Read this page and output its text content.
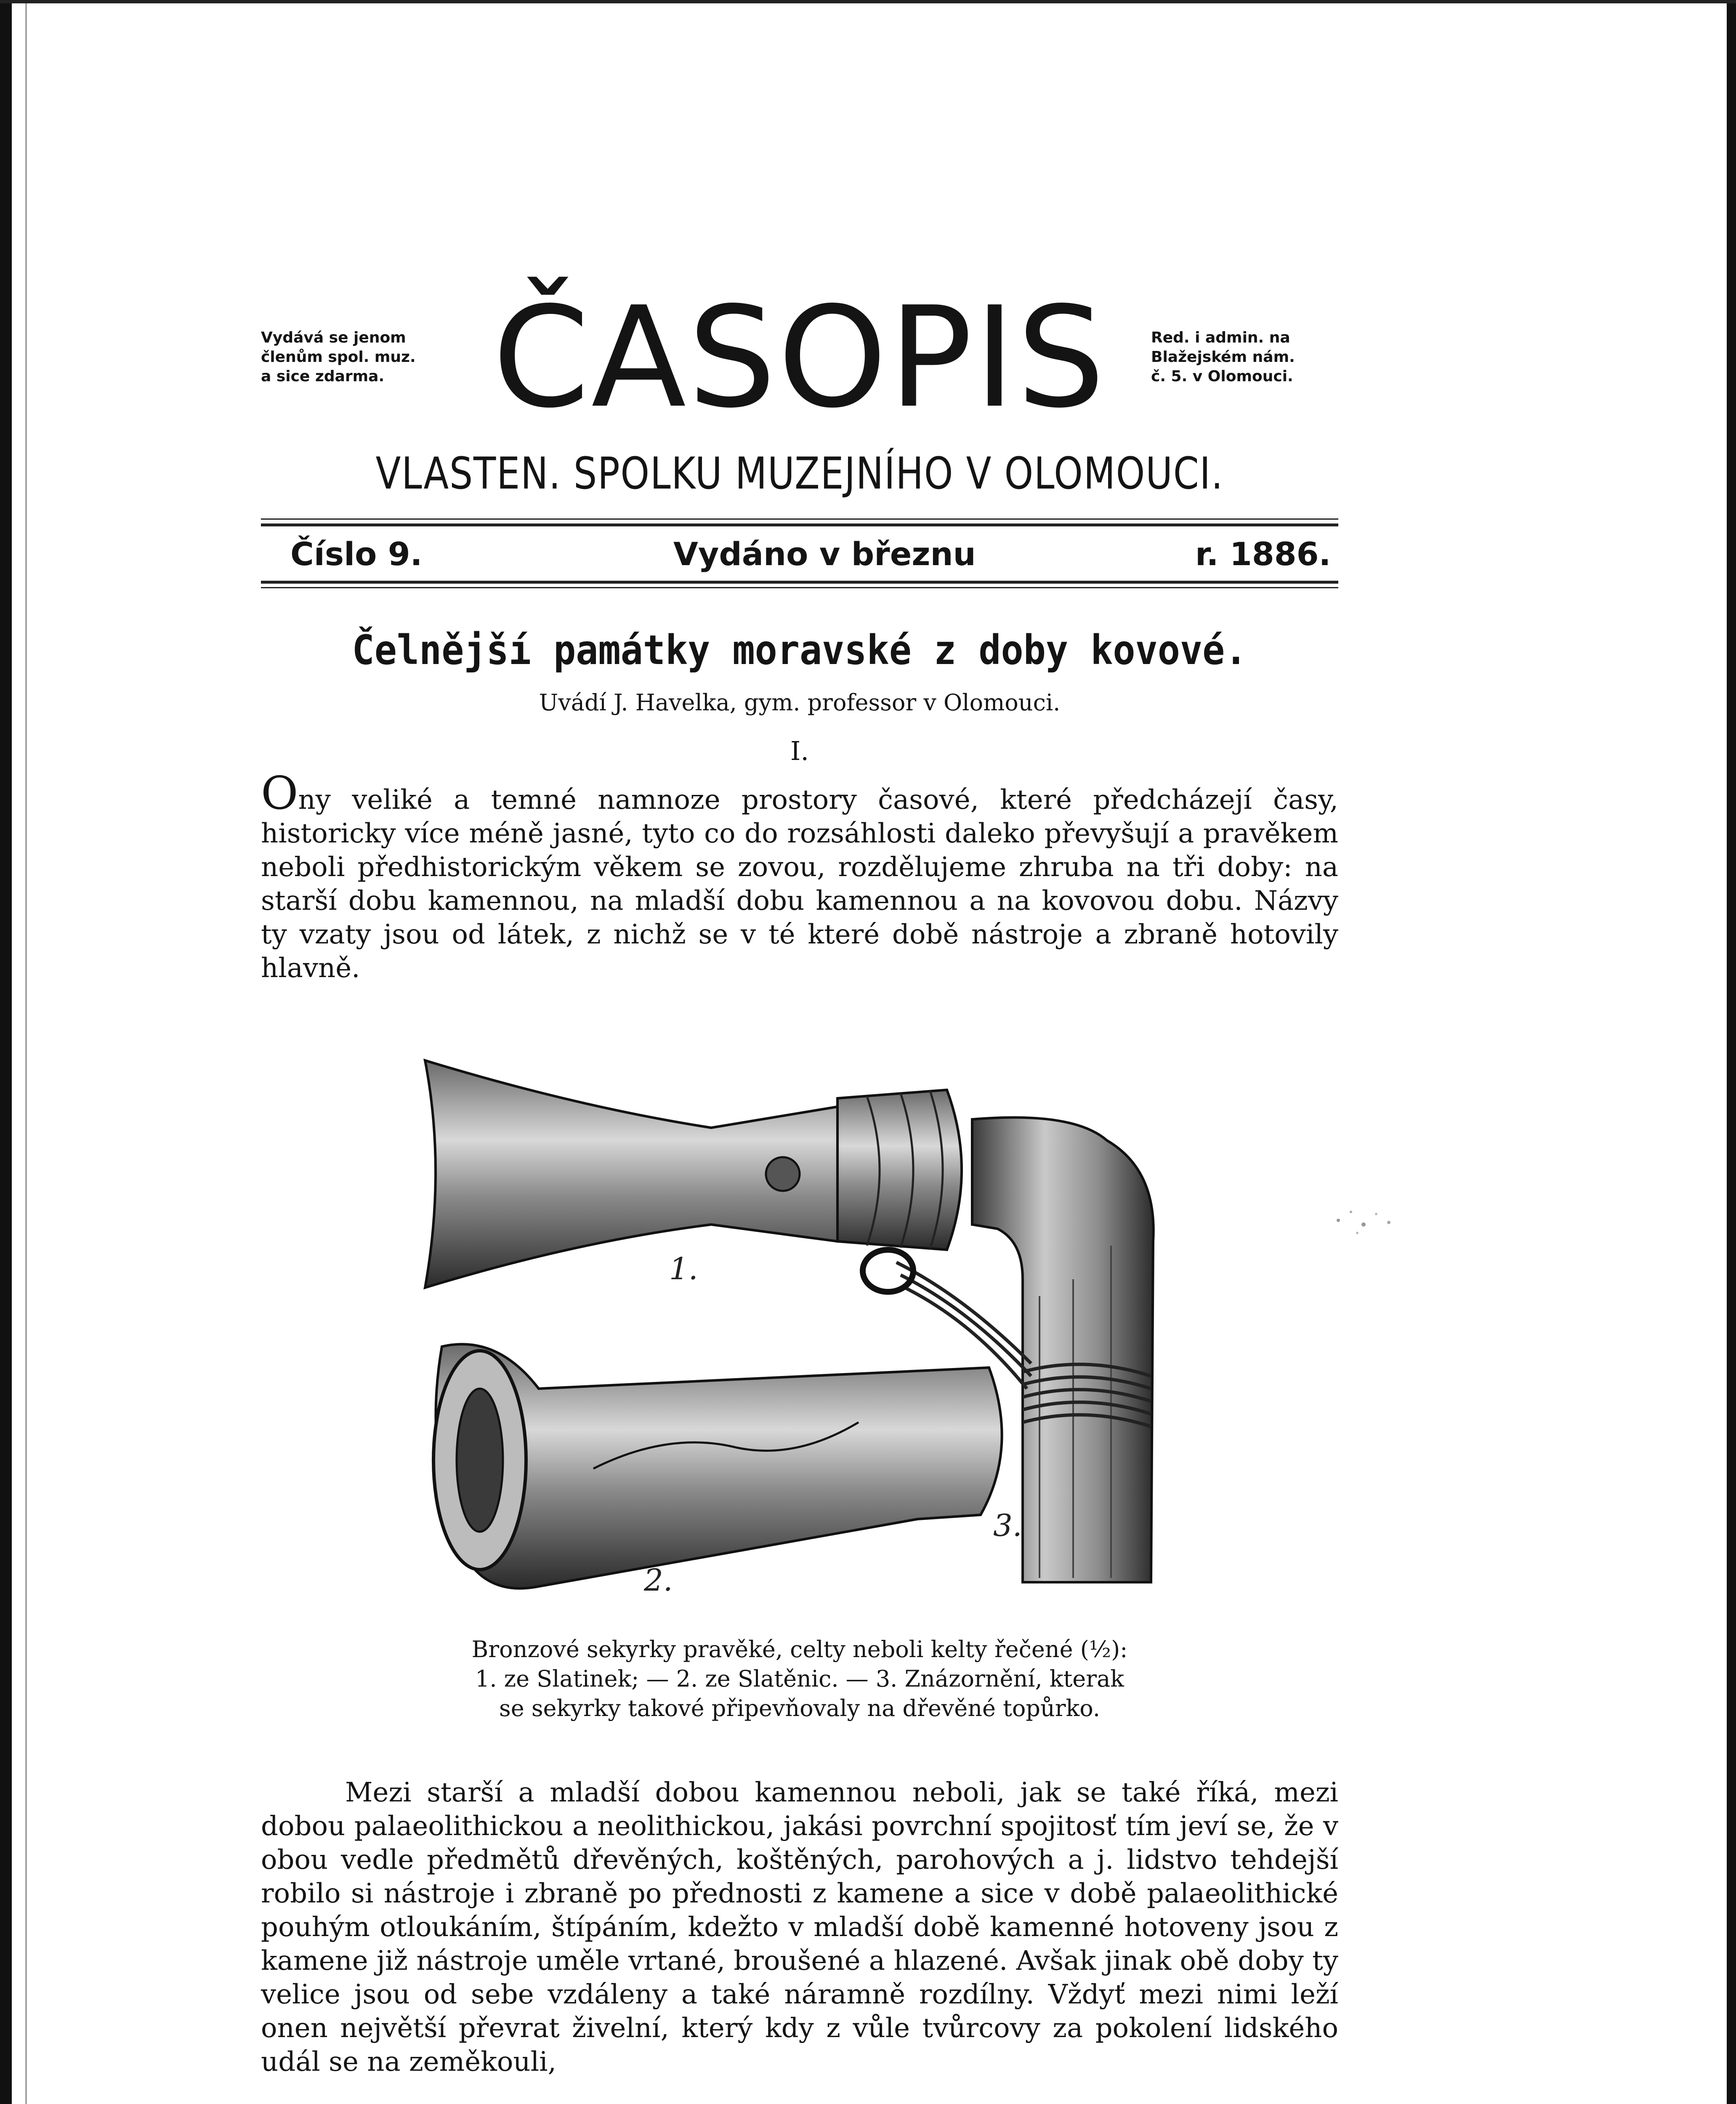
Vydává se jenom
členům spol. muz.
a sice zdarma. ČASOPIS	Red. i admin. na
Blažejském nám.
č. 5. v Olomouci.
VLASTEN. SPOLKU MUZEJNÍHO V OLOMOUCI.
Číslo 9.	Vydáno v březnu	r. 1886.
Čelnější památky moravské z doby kovové.
Uvádí J. Havelka, gym. professor v Olomouci.
I.
Ony veliké a temné namnoze prostory časové, které předcházejí časy, historicky více méně jasné, tyto co do rozsáhlosti daleko převyšují a pravěkem neboli předhistorickým věkem se zovou, rozdělujeme zhruba na tři doby: na starší dobu kamennou, na mladší dobu kamennou a na kovovou dobu. Názvy ty vzaty jsou od látek, z nichž se v té které době nástroje a zbraně hotovily hlavně.
1.
2.
3.
Bronzové sekyrky pravěké, celty neboli kelty řečené (½):
1. ze Slatinek; — 2. ze Slatěnic. — 3. Znázornění, kterak
se sekyrky takové připevňovaly na dřevěné topůrko.
Mezi starší a mladší dobou kamennou neboli, jak se také říká, mezi dobou palaeolithickou a neolithickou, jakási povrchní spojitosť tím jeví se, že v obou vedle předmětů dřevěných, koštěných, parohových a j. lidstvo tehdejší robilo si nástroje i zbraně po přednosti z kamene a sice v době palaeolithické pouhým otloukáním, štípáním, kdežto v mladší době kamenné hotoveny jsou z kamene již nástroje uměle vrtané, broušené a hlazené. Avšak jinak obě doby ty velice jsou od sebe vzdáleny a také náramně rozdílny. Vždyť mezi nimi leží onen největší převrat živelní, který kdy z vůle tvůrcovy za pokolení lidského udál se na zeměkouli,
